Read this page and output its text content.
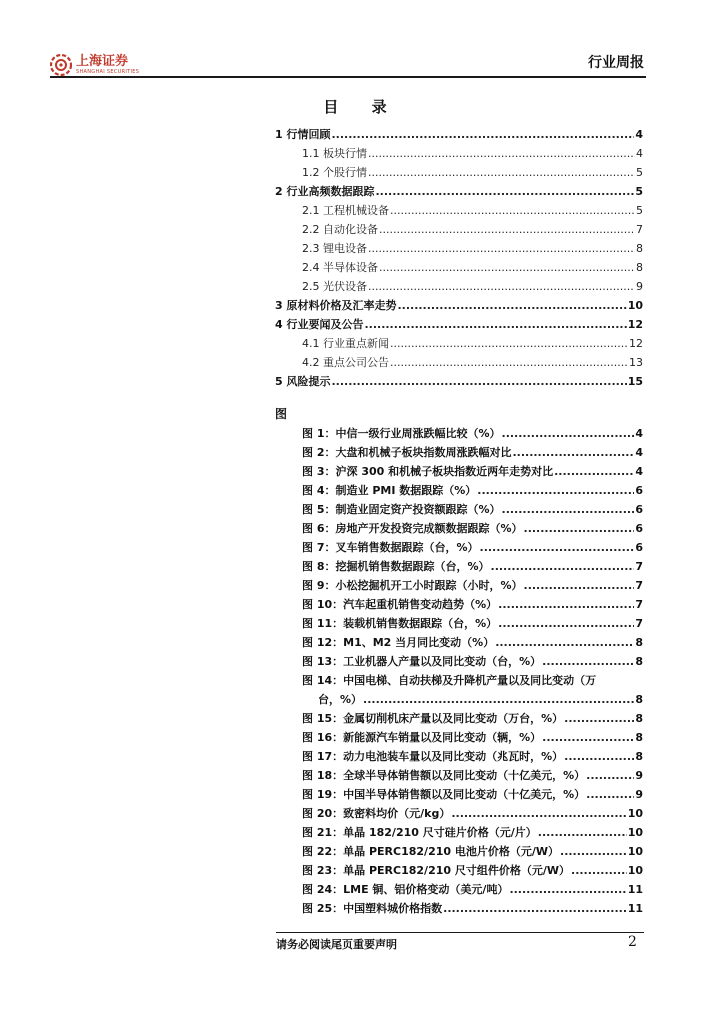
上海证券
SHANGHAI SECURITIES
行业周报
目 录
1 行情回顾 .....	4
1.1 板块行情 .....	4
1.2 个股行情 .....	5
2 行业高频数据跟踪 .....	5
2.1 工程机械设备 .....	5
2.2 自动化设备 .....	7
2.3 锂电设备 .....	8
2.4 半导体设备 .....	8
2.5 光伏设备 .....	9
3 原材料价格及汇率走势 .....	10
4 行业要闻及公告 .....	12
4.1 行业重点新闻 .....	12
4.2 重点公司公告 .....	13
5 风险提示 .....	15
图
图 1：中信一级行业周涨跌幅比较（%） .....	4
图 2：大盘和机械子板块指数周涨跌幅对比 .....	4
图 3：沪深 300 和机械子板块指数近两年走势对比 .....	4
图 4：制造业 PMI 数据跟踪（%） .....	6
图 5：制造业固定资产投资额跟踪（%） .....	6
图 6：房地产开发投资完成额数据跟踪（%） .....	6
图 7：叉车销售数据跟踪（台，%） .....	6
图 8：挖掘机销售数据跟踪（台，%） .....	7
图 9：小松挖掘机开工小时跟踪（小时，%） .....	7
图 10：汽车起重机销售变动趋势（%） .....	7
图 11：装载机销售数据跟踪（台，%） .....	7
图 12：M1、M2 当月同比变动（%） .....	8
图 13：工业机器人产量以及同比变动（台，%） .....	8
图 14：中国电梯、自动扶梯及升降机产量以及同比变动（万
台，%） .....	8
图 15：金属切削机床产量以及同比变动（万台，%） .....	8
图 16：新能源汽车销量以及同比变动（辆，%） .....	8
图 17：动力电池装车量以及同比变动（兆瓦时，%） .....	8
图 18：全球半导体销售额以及同比变动（十亿美元，%） .....	9
图 19：中国半导体销售额以及同比变动（十亿美元，%） .....	9
图 20：致密料均价（元/kg） .....	10
图 21：单晶 182/210 尺寸硅片价格（元/片） .....	10
图 22：单晶 PERC182/210 电池片价格（元/W） .....	10
图 23：单晶 PERC182/210 尺寸组件价格（元/W） .....	10
图 24：LME 铜、铝价格变动（美元/吨） .....	11
图 25：中国塑料城价格指数 .....	11
请务必阅读尾页重要声明	2
